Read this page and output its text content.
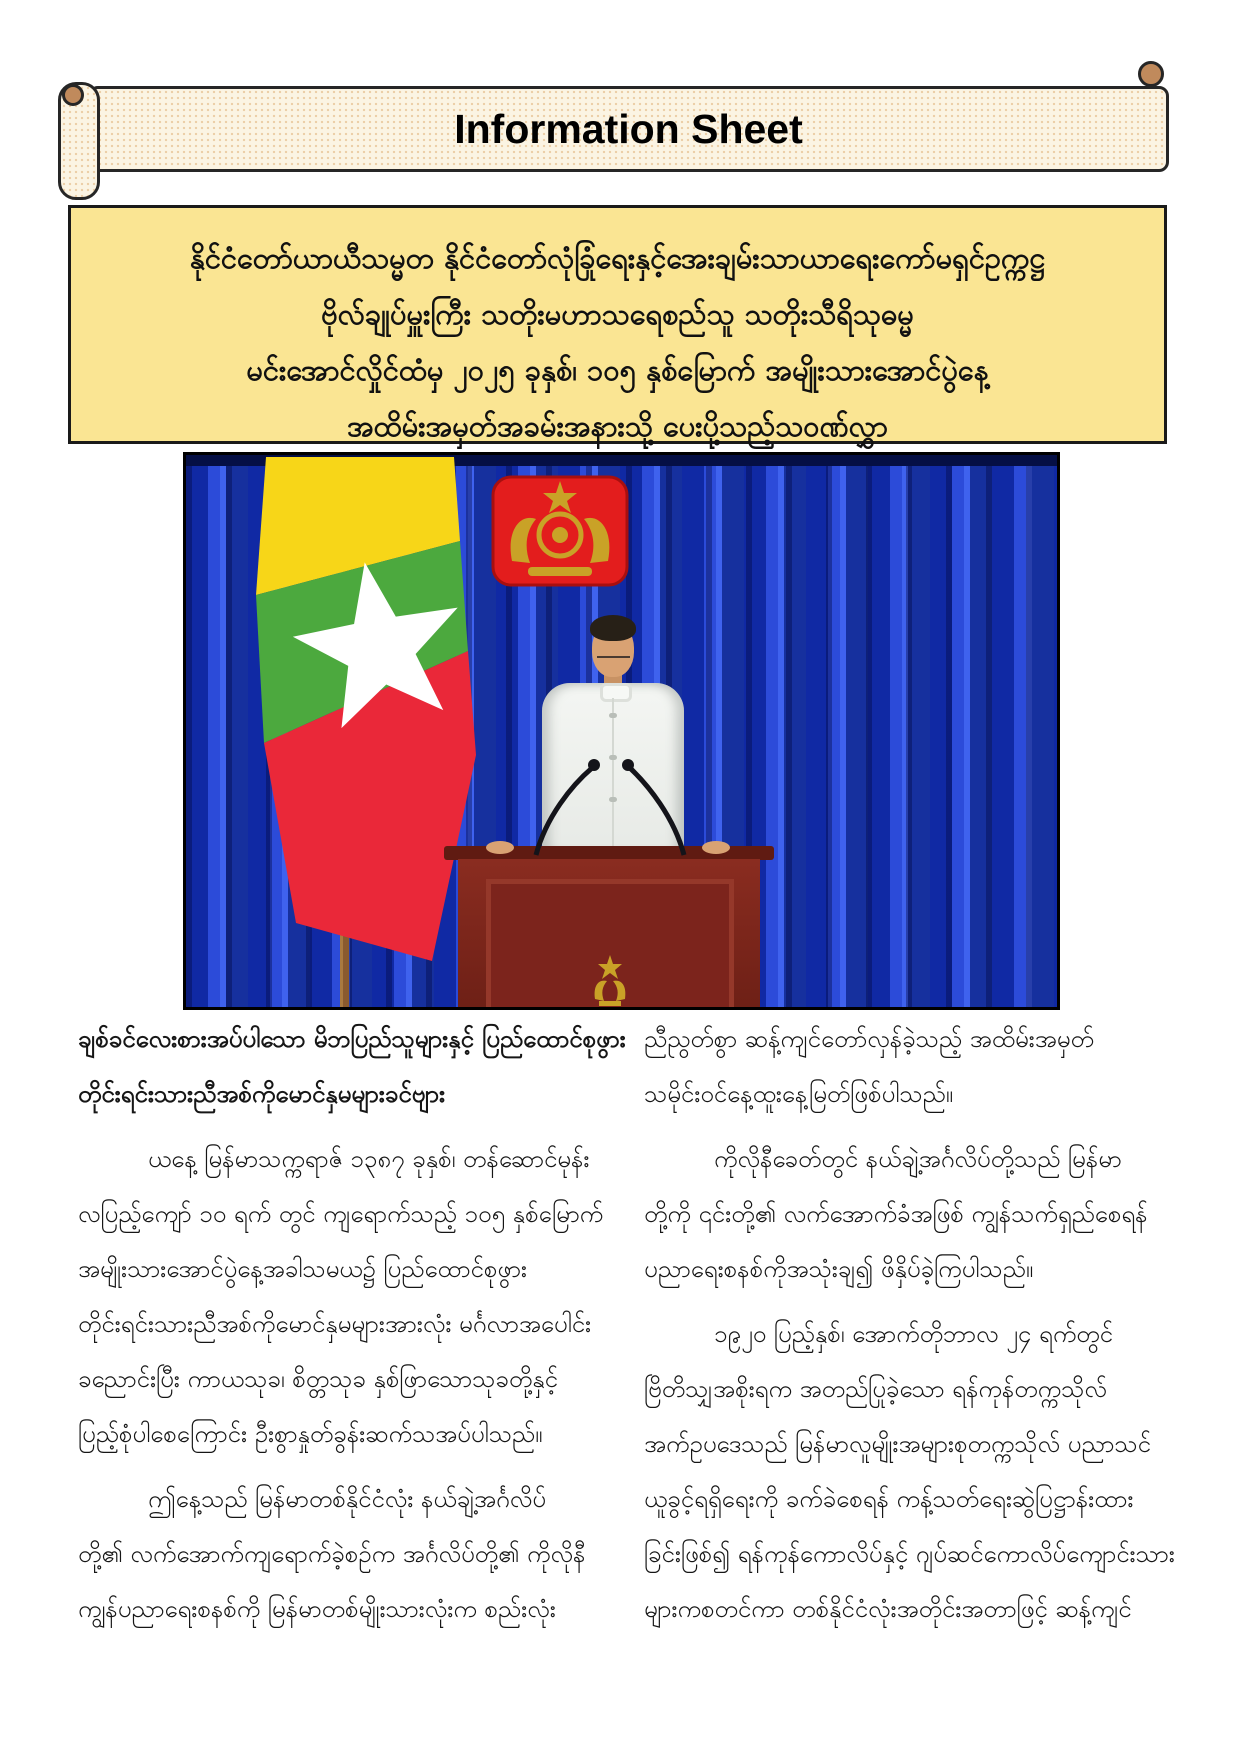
Information Sheet
နိုင်ငံတော်ယာယီသမ္မတ နိုင်ငံတော်လုံခြုံရေးနှင့်အေးချမ်းသာယာရေးကော်မရှင်ဥက္ကဋ္ဌ
ဗိုလ်ချုပ်မှူးကြီး သတိုးမဟာသရေစည်သူ သတိုးသီရိသုဓမ္မ
မင်းအောင်လှိုင်ထံမှ ၂၀၂၅ ခုနှစ်၊ ၁၀၅ နှစ်မြောက် အမျိုးသားအောင်ပွဲနေ့
အထိမ်းအမှတ်အခမ်းအနားသို့ ပေးပို့သည့်သဝဏ်လွှာ
ချစ်ခင်လေးစားအပ်ပါသော မိဘပြည်သူများနှင့် ပြည်ထောင်စုဖွား
တိုင်းရင်းသားညီအစ်ကိုမောင်နှမများခင်ဗျား
ယနေ့ မြန်မာသက္ကရာဇ် ၁၃၈၇ ခုနှစ်၊ တန်ဆောင်မုန်း
လပြည့်ကျော် ၁၀ ရက် တွင် ကျရောက်သည့် ၁၀၅ နှစ်မြောက်
အမျိုးသားအောင်ပွဲနေ့အခါသမယ၌ ပြည်ထောင်စုဖွား
တိုင်းရင်းသားညီအစ်ကိုမောင်နှမများအားလုံး မင်္ဂလာအပေါင်း
ခညောင်းပြီး ကာယသုခ၊ စိတ္တသုခ နှစ်ဖြာသောသုခတို့နှင့်
ပြည့်စုံပါစေကြောင်း ဦးစွာနှုတ်ခွန်းဆက်သအပ်ပါသည်။
ဤနေ့သည် မြန်မာတစ်နိုင်ငံလုံး နယ်ချဲ့အင်္ဂလိပ်
တို့၏ လက်အောက်ကျရောက်ခဲ့စဉ်က အင်္ဂလိပ်တို့၏ ကိုလိုနီ
ကျွန်ပညာရေးစနစ်ကို မြန်မာတစ်မျိုးသားလုံးက စည်းလုံး
ညီညွတ်စွာ ဆန့်ကျင်တော်လှန်ခဲ့သည့် အထိမ်းအမှတ်
သမိုင်းဝင်နေ့ထူးနေ့မြတ်ဖြစ်ပါသည်။
ကိုလိုနီခေတ်တွင် နယ်ချဲ့အင်္ဂလိပ်တို့သည် မြန်မာ
တို့ကို ၎င်းတို့၏ လက်အောက်ခံအဖြစ် ကျွန်သက်ရှည်စေရန်
ပညာရေးစနစ်ကိုအသုံးချ၍ ဖိနှိပ်ခဲ့ကြပါသည်။
၁၉၂၀ ပြည့်နှစ်၊ အောက်တိုဘာလ ၂၄ ရက်တွင်
ဗြိတိသျှအစိုးရက အတည်ပြုခဲ့သော ရန်ကုန်တက္ကသိုလ်
အက်ဥပဒေသည် မြန်မာလူမျိုးအများစုတက္ကသိုလ် ပညာသင်
ယူခွင့်ရရှိရေးကို ခက်ခဲစေရန် ကန့်သတ်ရေးဆွဲပြဋ္ဌာန်းထား
ခြင်းဖြစ်၍ ရန်ကုန်ကောလိပ်နှင့် ဂျပ်ဆင်ကောလိပ်ကျောင်းသား
များကစတင်ကာ တစ်နိုင်ငံလုံးအတိုင်းအတာဖြင့် ဆန့်ကျင်
